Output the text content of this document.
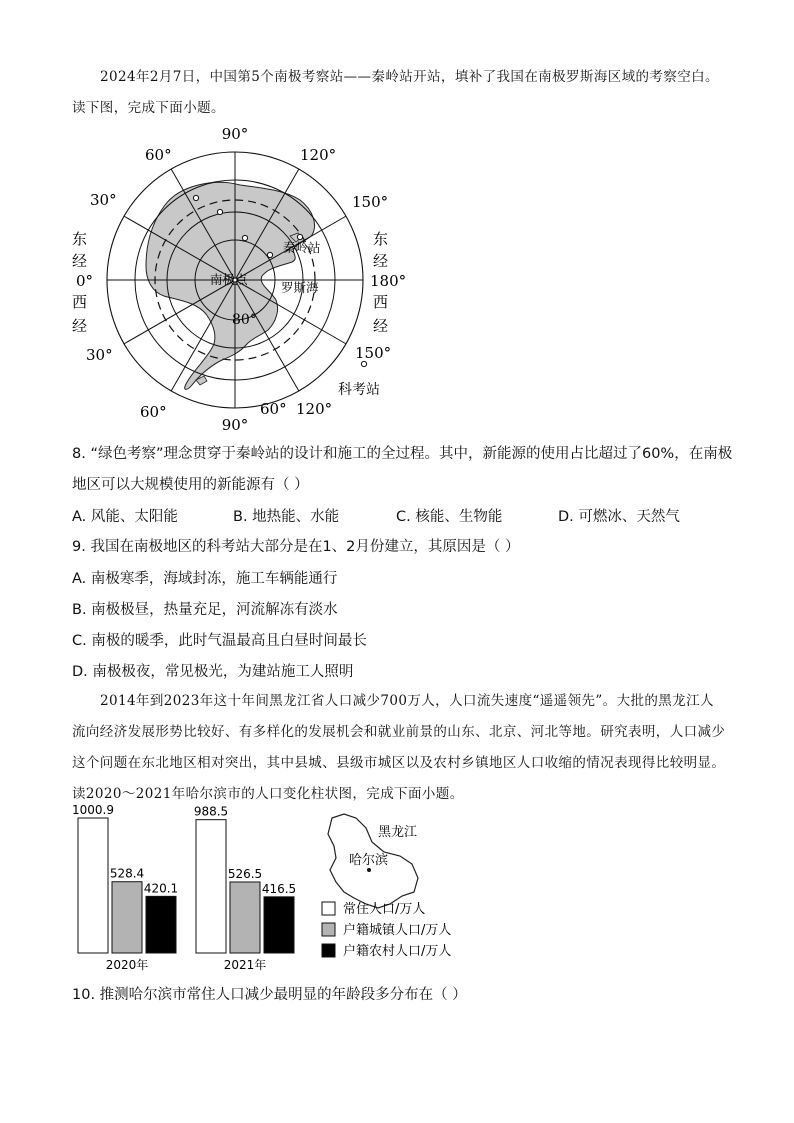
2024年2月7日，中国第5个南极考察站——秦岭站开站，填补了我国在南极罗斯海区域的考察空白。读下图，完成下面小题。

90°
90°
60°	120°
30°	150°
30°	150°
60°	60° 120°
0°	180°
80°
东
经
西
经
东
经
西
经
南极点
秦岭站
罗斯海
科考站
8. “绿色考察”理念贯穿于秦岭站的设计和施工的全过程。其中，新能源的使用占比超过了60%，在南极
地区可以大规模使用的新能源有（ ）
A. 风能、太阳能	B. 地热能、水能	C. 核能、生物能	D. 可燃冰、天然气
9. 我国在南极地区的科考站大部分是在1、2月份建立，其原因是（ ）
A. 南极寒季，海域封冻，施工车辆能通行
B. 南极极昼，热量充足，河流解冻有淡水
C. 南极的暖季，此时气温最高且白昼时间最长
D. 南极极夜，常见极光，为建站施工人照明

2014年到2023年这十年间黑龙江省人口减少700万人，人口流失速度“遥遥领先”。大批的黑龙江人流向经济发展形势比较好、有多样化的发展机会和就业前景的山东、北京、河北等地。研究表明，人口减少这个问题在东北地区相对突出，其中县城、县级市城区以及农村乡镇地区人口收缩的情况表现得比较明显。读2020～2021年哈尔滨市的人口变化柱状图，完成下面小题。

1000.9
528.4
420.1
988.5
526.5
416.5
2020年	2021年
黑龙江
哈尔滨
常住人口/万人
户籍城镇人口/万人
户籍农村人口/万人
10. 推测哈尔滨市常住人口减少最明显的年龄段多分布在（ ）
